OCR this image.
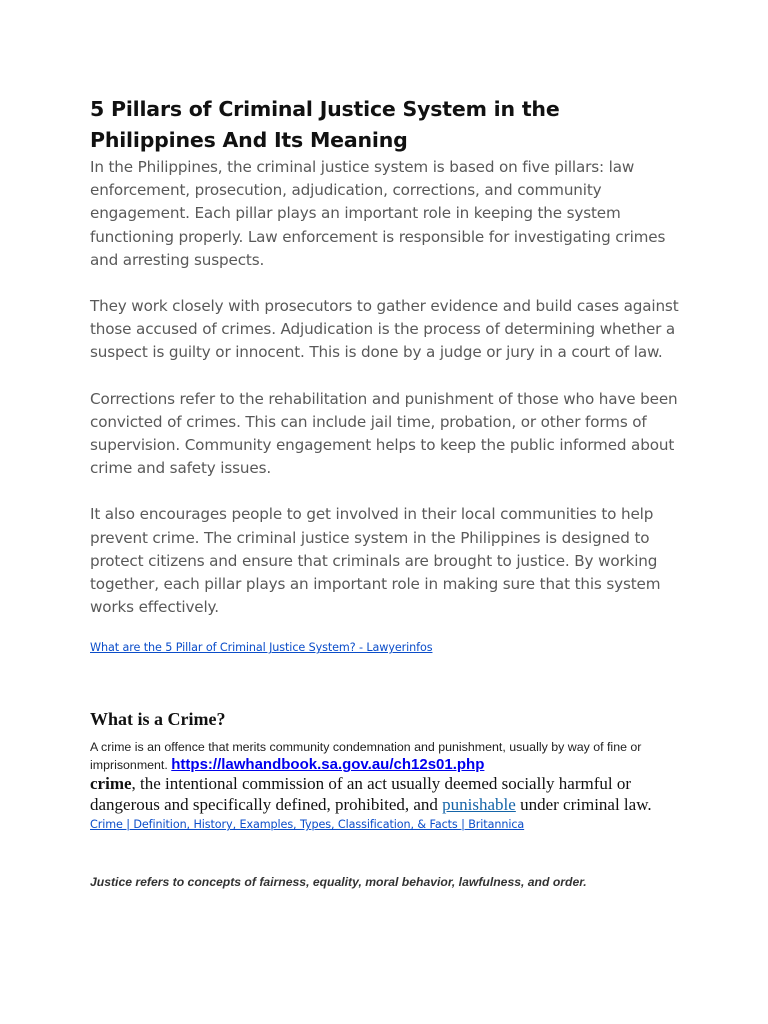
5 Pillars of Criminal Justice System in the Philippines And Its Meaning

In the Philippines, the criminal justice system is based on five pillars: law enforcement, prosecution, adjudication, corrections, and community engagement. Each pillar plays an important role in keeping the system functioning properly. Law enforcement is responsible for investigating crimes and arresting suspects.

They work closely with prosecutors to gather evidence and build cases against those accused of crimes. Adjudication is the process of determining whether a suspect is guilty or innocent. This is done by a judge or jury in a court of law.

Corrections refer to the rehabilitation and punishment of those who have been convicted of crimes. This can include jail time, probation, or other forms of supervision. Community engagement helps to keep the public informed about crime and safety issues.

It also encourages people to get involved in their local communities to help prevent crime. The criminal justice system in the Philippines is designed to protect citizens and ensure that criminals are brought to justice. By working together, each pillar plays an important role in making sure that this system works effectively.

What are the 5 Pillar of Criminal Justice System? - Lawyerinfos
What is a Crime?

A crime is an offence that merits community condemnation and punishment, usually by way of fine or imprisonment. https://lawhandbook.sa.gov.au/ch12s01.php

crime, the intentional commission of an act usually deemed socially harmful or dangerous and specifically defined, prohibited, and punishable under criminal law.

Crime | Definition, History, Examples, Types, Classification, & Facts | Britannica

Justice refers to concepts of fairness, equality, moral behavior, lawfulness, and order.
